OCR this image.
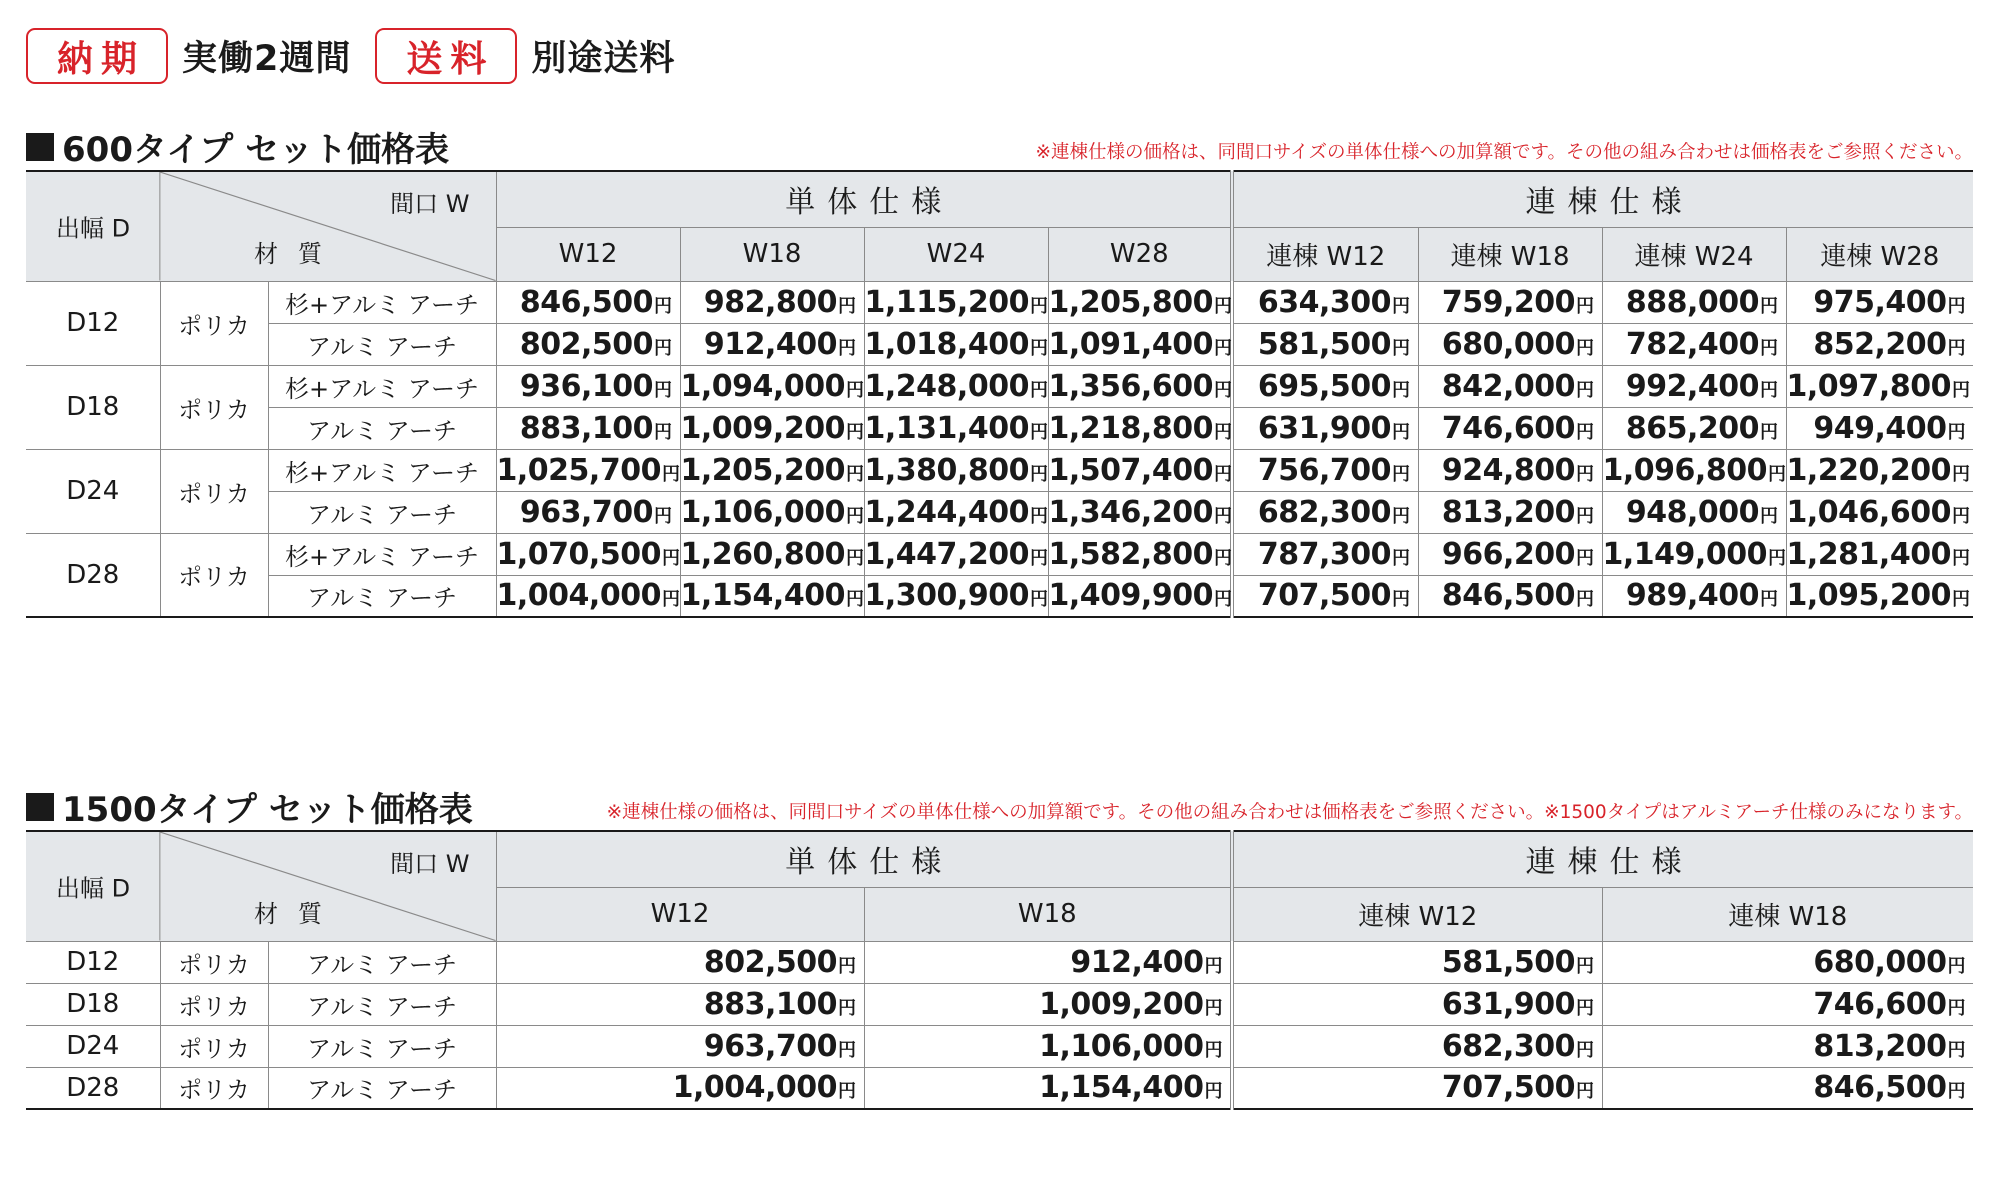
納期	実働2週間	送料	別途送料
600タイプ セット価格表	※連棟仕様の価格は、同間口サイズの単体仕様への加算額です。その他の組み合わせは価格表をご参照ください。
間口 W
出幅 D
材質			単体仕様				連棟仕様			
			W12	W18	W24	W28	連棟 W12	連棟 W18	連棟 W24	連棟 W28
D12	ポリカ	杉+アルミ アーチ	846,500円	982,800円	1,115,200円	1,205,800円	634,300円	759,200円	888,000円	975,400円
		アルミ アーチ	802,500円	912,400円	1,018,400円	1,091,400円	581,500円	680,000円	782,400円	852,200円
D18	ポリカ	杉+アルミ アーチ	936,100円	1,094,000円	1,248,000円	1,356,600円	695,500円	842,000円	992,400円	1,097,800円
		アルミ アーチ	883,100円	1,009,200円	1,131,400円	1,218,800円	631,900円	746,600円	865,200円	949,400円
D24	ポリカ	杉+アルミ アーチ	1,025,700円	1,205,200円	1,380,800円	1,507,400円	756,700円	924,800円	1,096,800円	1,220,200円
		アルミ アーチ	963,700円	1,106,000円	1,244,400円	1,346,200円	682,300円	813,200円	948,000円	1,046,600円
D28	ポリカ	杉+アルミ アーチ	1,070,500円	1,260,800円	1,447,200円	1,582,800円	787,300円	966,200円	1,149,000円	1,281,400円
		アルミ アーチ	1,004,000円	1,154,400円	1,300,900円	1,409,900円	707,500円	846,500円	989,400円	1,095,200円
1500タイプ セット価格表	※連棟仕様の価格は、同間口サイズの単体仕様への加算額です。その他の組み合わせは価格表をご参照ください。※1500タイプはアルミアーチ仕様のみになります。
間口 W
出幅 D
材質			単体仕様		連棟仕様	
			W12	W18	連棟 W12	連棟 W18
D12	ポリカ	アルミ アーチ	802,500円	912,400円	581,500円	680,000円
D18	ポリカ	アルミ アーチ	883,100円	1,009,200円	631,900円	746,600円
D24	ポリカ	アルミ アーチ	963,700円	1,106,000円	682,300円	813,200円
D28	ポリカ	アルミ アーチ	1,004,000円	1,154,400円	707,500円	846,500円
